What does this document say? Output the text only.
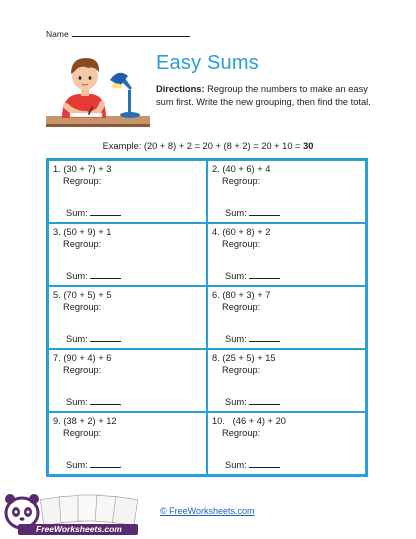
Name
Easy Sums
Directions: Regroup the numbers to make an easy sum first. Write the new grouping, then find the total.
Example: (20 + 8) + 2 = 20 + (8 + 2) = 20 + 10 = 30
1. (30 + 7) + 3
Regroup:
Sum:
2. (40 + 6) + 4
Regroup:
Sum:
3. (50 + 9) + 1
Regroup:
Sum:
4. (60 + 8) + 2
Regroup:
Sum:
5. (70 + 5) + 5
Regroup:
Sum:
6. (80 + 3) + 7
Regroup:
Sum:
7. (90 + 4) + 6
Regroup:
Sum:
8. (25 + 5) + 15
Regroup:
Sum:
9. (38 + 2) + 12
Regroup:
Sum:
10.   (46 + 4) + 20
Regroup:
Sum:
FreeWorksheets.com
© FreeWorksheets.com
